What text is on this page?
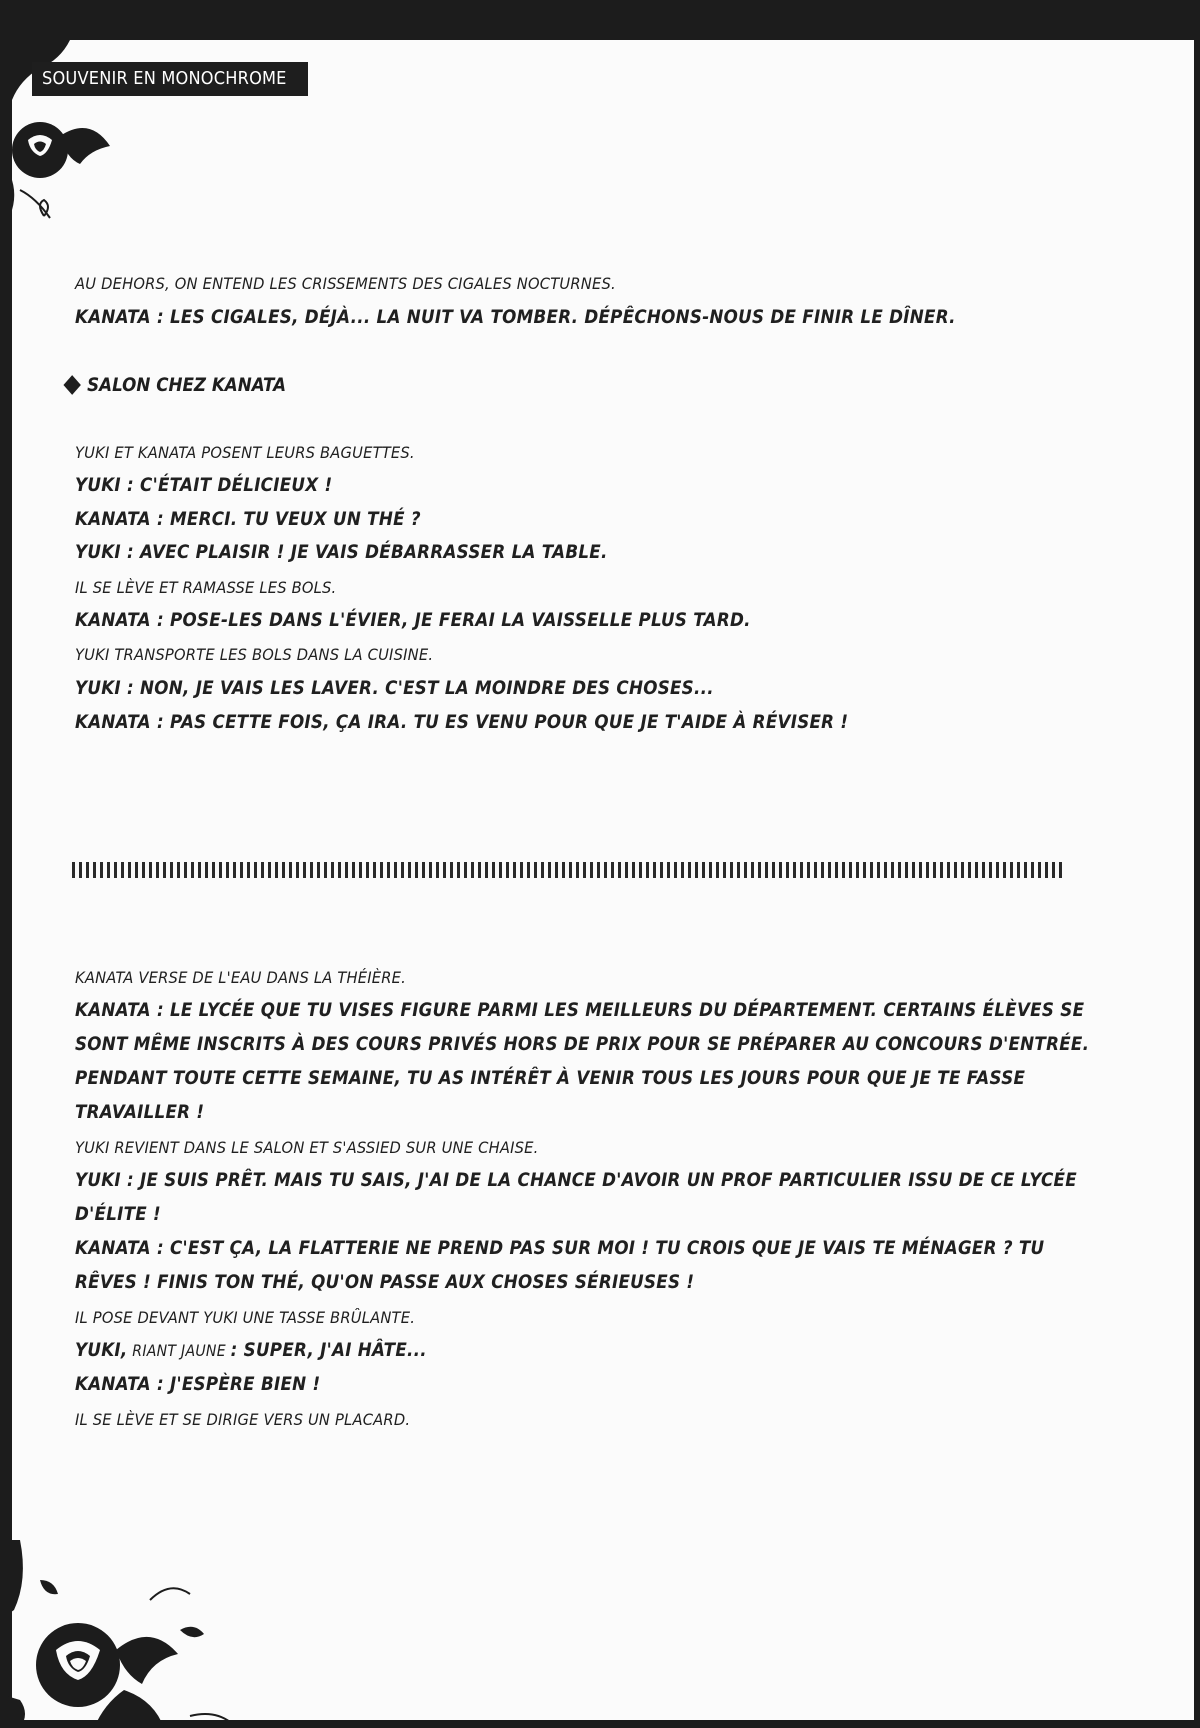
SOUVENIR EN MONOCHROME
AU DEHORS, ON ENTEND LES CRISSEMENTS DES CIGALES NOCTURNES.
KANATA : LES CIGALES, DÉJÀ... LA NUIT VA TOMBER. DÉPÊCHONS-NOUS DE FINIR LE DÎNER.
SALON CHEZ KANATA
YUKI ET KANATA POSENT LEURS BAGUETTES.
YUKI : C'ÉTAIT DÉLICIEUX !
KANATA : MERCI. TU VEUX UN THÉ ?
YUKI : AVEC PLAISIR ! JE VAIS DÉBARRASSER LA TABLE.
IL SE LÈVE ET RAMASSE LES BOLS.
KANATA : POSE-LES DANS L'ÉVIER, JE FERAI LA VAISSELLE PLUS TARD.
YUKI TRANSPORTE LES BOLS DANS LA CUISINE.
YUKI : NON, JE VAIS LES LAVER. C'EST LA MOINDRE DES CHOSES...
KANATA : PAS CETTE FOIS, ÇA IRA. TU ES VENU POUR QUE JE T'AIDE À RÉVISER !
KANATA VERSE DE L'EAU DANS LA THÉIÈRE.
KANATA : LE LYCÉE QUE TU VISES FIGURE PARMI LES MEILLEURS DU DÉPARTEMENT. CERTAINS ÉLÈVES SE
SONT MÊME INSCRITS À DES COURS PRIVÉS HORS DE PRIX POUR SE PRÉPARER AU CONCOURS D'ENTRÉE.
PENDANT TOUTE CETTE SEMAINE, TU AS INTÉRÊT À VENIR TOUS LES JOURS POUR QUE JE TE FASSE
TRAVAILLER !
YUKI REVIENT DANS LE SALON ET S'ASSIED SUR UNE CHAISE.
YUKI : JE SUIS PRÊT. MAIS TU SAIS, J'AI DE LA CHANCE D'AVOIR UN PROF PARTICULIER ISSU DE CE LYCÉE
D'ÉLITE !
KANATA : C'EST ÇA, LA FLATTERIE NE PREND PAS SUR MOI ! TU CROIS QUE JE VAIS TE MÉNAGER ? TU
RÊVES ! FINIS TON THÉ, QU'ON PASSE AUX CHOSES SÉRIEUSES !
IL POSE DEVANT YUKI UNE TASSE BRÛLANTE.
YUKI, RIANT JAUNE : SUPER, J'AI HÂTE...
KANATA : J'ESPÈRE BIEN !
IL SE LÈVE ET SE DIRIGE VERS UN PLACARD.
